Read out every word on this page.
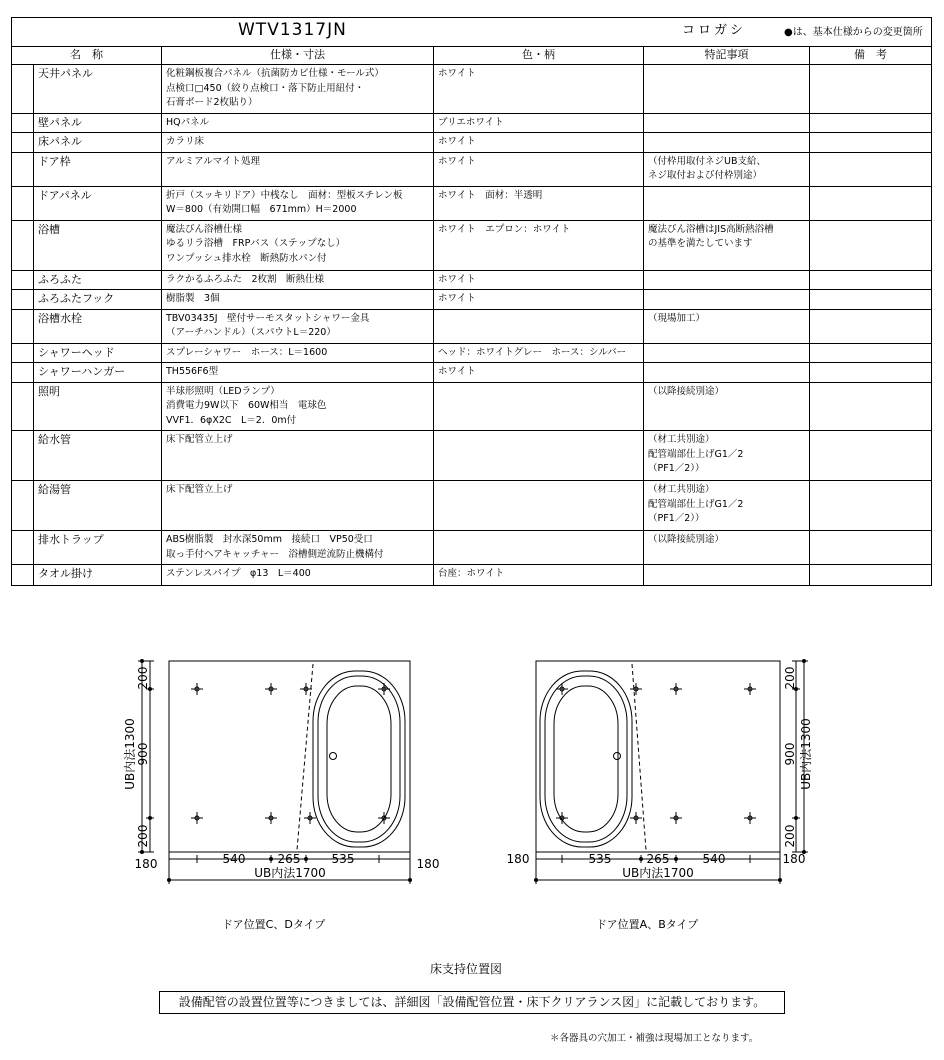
WTV1317JN コロガシ ●は、基本仕様からの変更箇所					

名　称		仕様・寸法	色・柄	特記事項	備　考
	天井パネル	化粧鋼板複合パネル（抗菌防カビ仕様・モール式）
点検口□450（絞り点検口・落下防止用紐付・
石膏ボード2枚貼り）	ホワイト		
	壁パネル	HQパネル	ブリエホワイト		
	床パネル	カラリ床	ホワイト		
	ドア枠	アルミアルマイト処理	ホワイト	（付枠用取付ネジUB支給、
ネジ取付および付枠別途）	
	ドアパネル	折戸（スッキリドア）中桟なし　面材：型板スチレン板
W＝800（有効開口幅　671mm）H＝2000	ホワイト　面材：半透明		
	浴槽	魔法びん浴槽仕様
ゆるリラ浴槽　FRPバス（ステップなし）
ワンプッシュ排水栓　断熱防水パン付	ホワイト　エプロン：ホワイト	魔法びん浴槽はJIS高断熱浴槽
の基準を満たしています	
	ふろふた	ラクかるふろふた　2枚割　断熱仕様	ホワイト		
	ふろふたフック	樹脂製　3個	ホワイト		
	浴槽水栓	TBV03435J　壁付サーモスタットシャワー金具
（アーチハンドル）（スパウトL＝220）		（現場加工）	
	シャワーヘッド	スプレーシャワー　ホース：L＝1600	ヘッド：ホワイトグレー　ホース：シルバー		
	シャワーハンガー	TH556F6型	ホワイト		
	照明	半球形照明（LEDランプ）
消費電力9W以下　60W相当　電球色
VVF1．6φX2C　L＝2．0m付		（以降接続別途）	
	給水管	床下配管立上げ		（材工共別途）
配管端部仕上げG1／2
（PF1／2））	
	給湯管	床下配管立上げ		（材工共別途）
配管端部仕上げG1／2
（PF1／2））	
	排水トラップ	ABS樹脂製　封水深50mm　接続口　VP50受口
取っ手付ヘアキャッチャー　浴槽側逆流防止機構付		（以降接続別途）	
	タオル掛け	ステンレスパイプ　φ13　L＝400	台座：ホワイト		
180	540	265	535	180
UB内法1700
200
900
200
UB内法1300
180	535	265	540	180
UB内法1700
200
900
200
UB内法1300
ドア位置C、Dタイプ	ドア位置A、Bタイプ
床支持位置図
設備配管の設置位置等につきましては、詳細図「設備配管位置・床下クリアランス図」に記載しております。
＊各器具の穴加工・補強は現場加工となります。
